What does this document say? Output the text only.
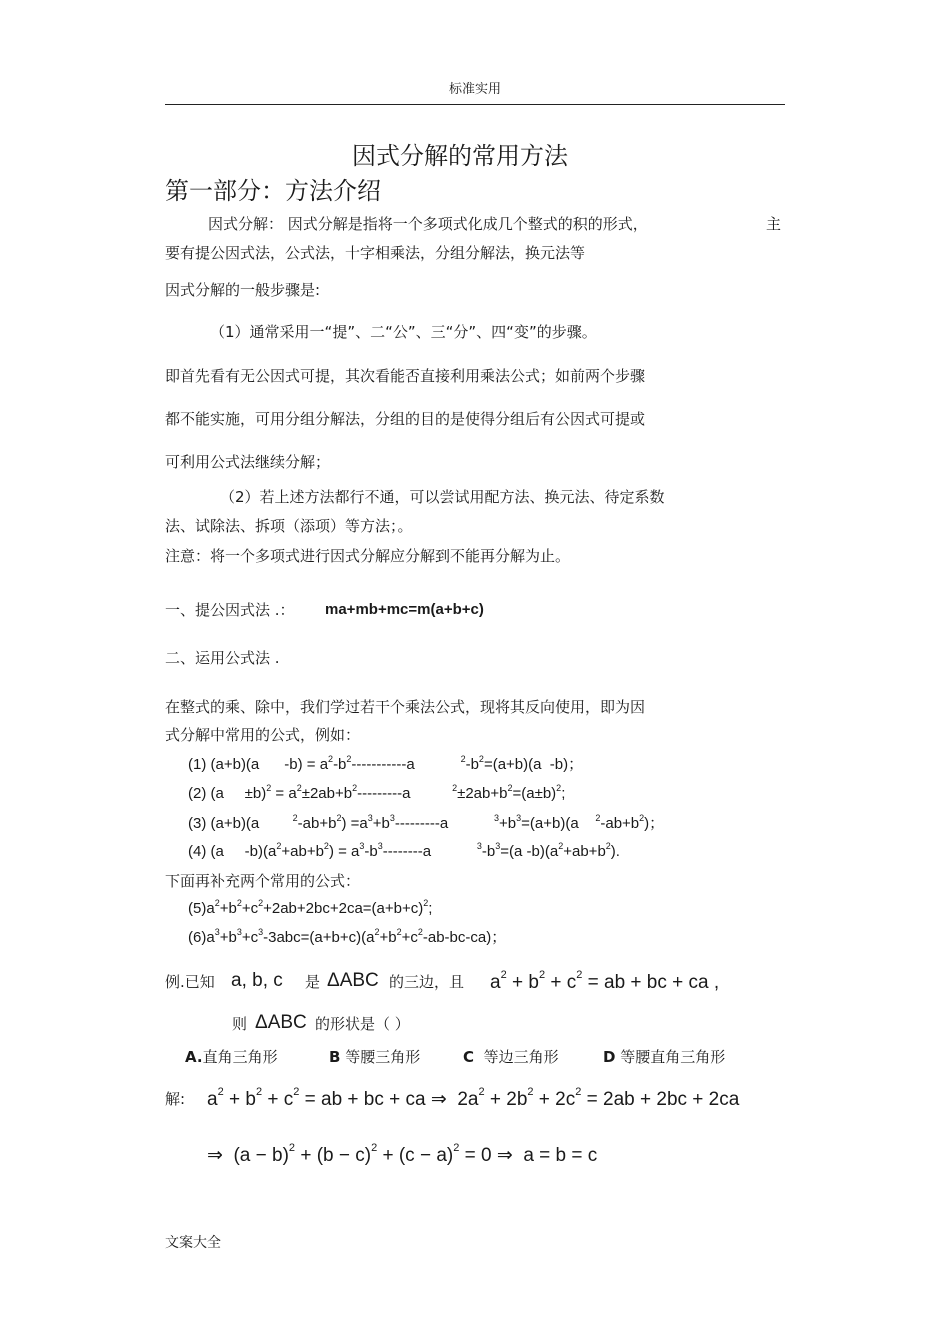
标准实用
因式分解的常用方法
第一部分：方法介绍
因式分解： 因式分解是指将一个多项式化成几个整式的积的形式，	主
要有提公因式法，公式法，十字相乘法，分组分解法，换元法等
因式分解的一般步骤是:
（1）通常采用一“提”、二“公”、三“分”、四“变”的步骤。
即首先看有无公因式可提，其次看能否直接利用乘法公式；如前两个步骤
都不能实施，可用分组分解法，分组的目的是使得分组后有公因式可提或
可利用公式法继续分解；
（2）若上述方法都行不通，可以尝试用配方法、换元法、待定系数
法、试除法、拆项（添项）等方法；。
注意：将一个多项式进行因式分解应分解到不能再分解为止。
一、提公因式法 .： ma+mb+mc=m(a+b+c)
二、运用公式法 .
在整式的乘、除中，我们学过若干个乘法公式，现将其反向使用，即为因
式分解中常用的公式，例如：
(1) (a+b)(a      $-b) = a^2-b^2-----------a$           $^2-b^2=(a+b)(a$  -b)；
(2) (a     $\pm b)^2 = a^2\pm 2ab+b^2---------a$          $^2\pm 2ab+b^2=(a\pm b)^2$;
(3) (a+b)(a        $^2-ab+b^2) =a^3+b^3---------a$           $^3+b^3=(a+b)(a$    $^2-ab+b^2$)；
(4) (a     $-b)(a^2+ab+b^2) = a^3-b^3--------a$           $^3-b^3=(a$ $-b)(a^2+ab+b^2)$.
下面再补充两个常用的公式：
$(5)a^2+b^2+c^2+2ab+2bc+2ca=(a+b+c)^2$;
$(6)a^3+b^3+c^3-3abc=(a+b+c)(a^2+b^2+c^2-ab-bc-ca)$；
例.已知 a, b, c 是 ΔABC 的三边，且 $a^2 + b^2 + c^2$ = ab + bc + ca ,
则 ΔABC 的形状是（ ）
A.直角三角形	B 等腰三角形	C 等边三角形	D 等腰直角三角形
解: $a^2 + b^2 + c^2$ = ab + bc + ca ⇒  $2a^2 + 2b^2 + 2c^2 = 2ab + 2bc + 2ca$
⇒  $(a - b)^2 + (b - c)^2 + (c - a)^2 = 0$ ⇒  a = b = c
文案大全
